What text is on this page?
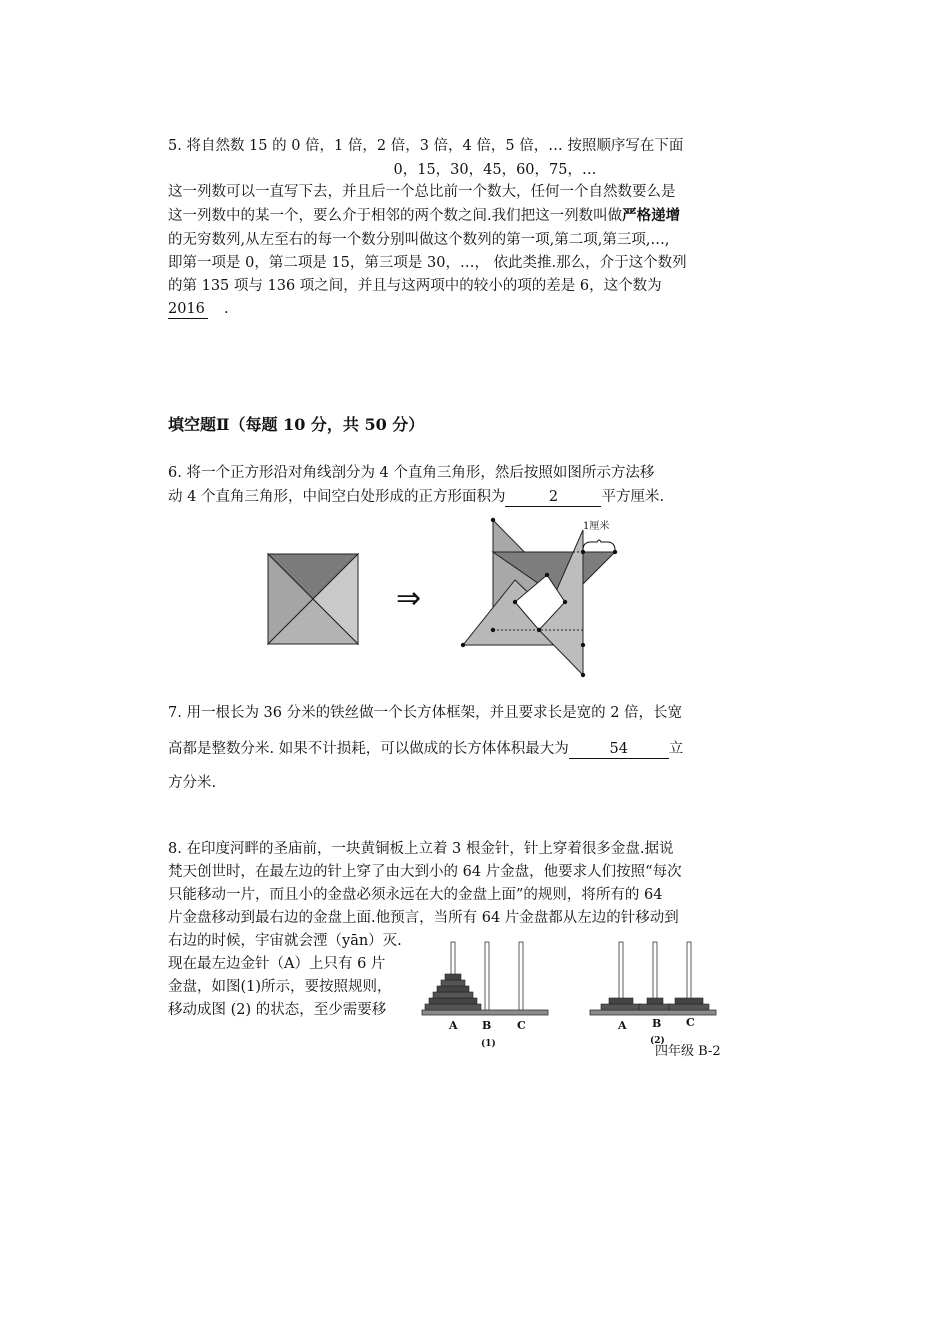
5. 将自然数 15 的 0 倍，1 倍，2 倍，3 倍，4 倍，5 倍，… 按照顺序写在下面
0，15，30，45，60，75，…
这一列数可以一直写下去，并且后一个总比前一个数大，任何一个自然数要么是
这一列数中的某一个，要么介于相邻的两个数之间.我们把这一列数叫做严格递增
的无穷数列,从左至右的每一个数分别叫做这个数列的第一项,第二项,第三项,…,
即第一项是 0，第二项是 15，第三项是 30，…， 依此类推.那么，介于这个数列
的第 135 项与 136 项之间，并且与这两项中的较小的项的差是 6，这个数为
2016 .
填空题Ⅱ（每题 10 分，共 50 分）
6. 将一个正方形沿对角线剖分为 4 个直角三角形，然后按照如图所示方法移
动 4 个直角三角形，中间空白处形成的正方形面积为	2	平方厘米.
⇒
1厘米
7. 用一根长为 36 分米的铁丝做一个长方体框架，并且要求长是宽的 2 倍，长宽
高都是整数分米. 如果不计损耗，可以做成的长方体体积最大为	54	立
方分米.
8. 在印度河畔的圣庙前，一块黄铜板上立着 3 根金针，针上穿着很多金盘.据说
梵天创世时，在最左边的针上穿了由大到小的 64 片金盘，他要求人们按照“每次
只能移动一片，而且小的金盘必须永远在大的金盘上面”的规则，将所有的 64
片金盘移动到最右边的金盘上面.他预言，当所有 64 片金盘都从左边的针移动到
右边的时候，宇宙就会湮（yān）灭.
现在最左边金针（A）上只有 6 片
金盘，如图(1)所示，要按照规则，
移动成图 (2) 的状态，至少需要移
A B C
(1)
A B C
(2)
四年级 B-2
